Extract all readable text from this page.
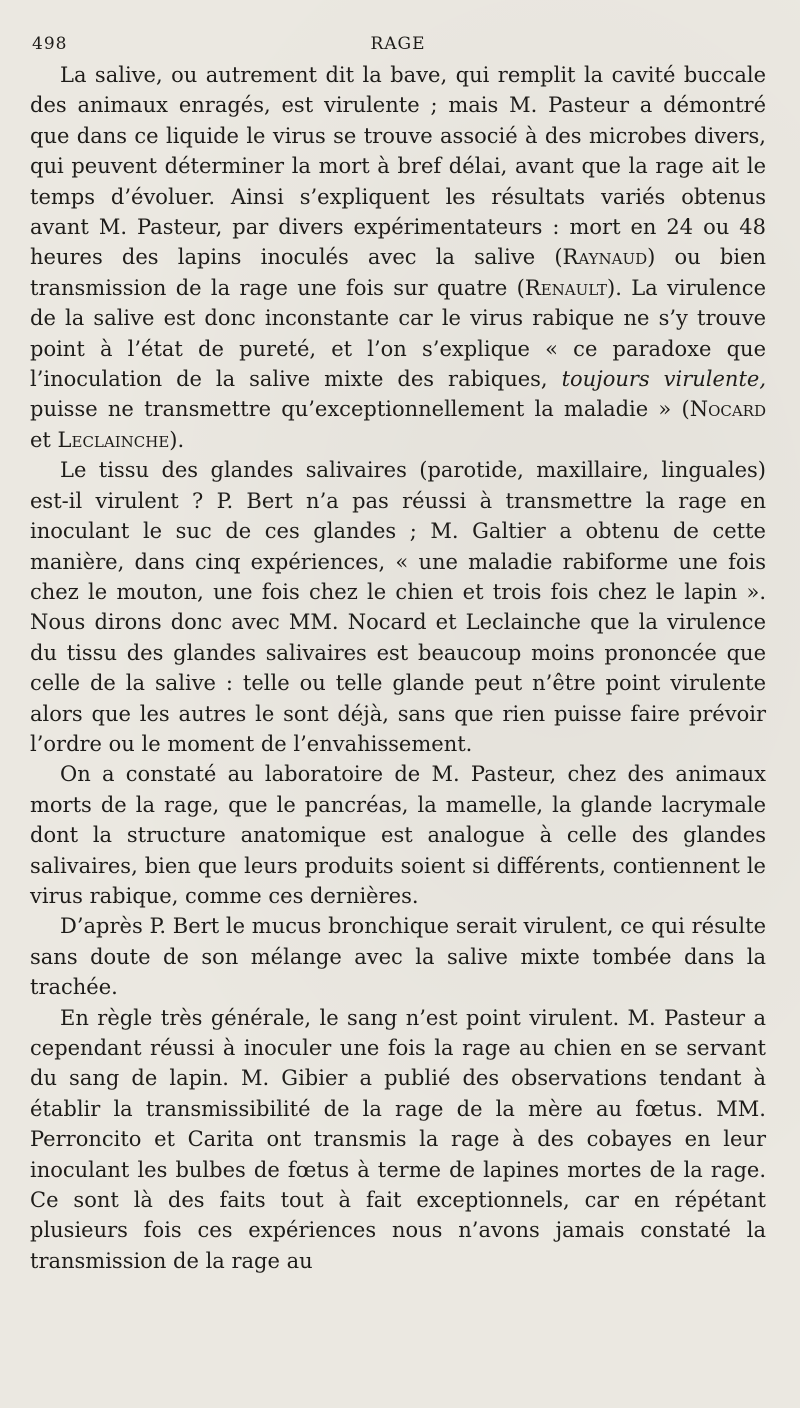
498	RAGE

La salive, ou autrement dit la bave, qui remplit la cavité buccale des animaux enragés, est virulente ; mais M. Pasteur a démontré que dans ce liquide le virus se trouve associé à des microbes divers, qui peuvent déterminer la mort à bref délai, avant que la rage ait le temps d’évoluer. Ainsi s’expliquent les résultats variés obtenus avant M. Pasteur, par divers expérimentateurs : mort en 24 ou 48 heures des lapins inoculés avec la salive (Raynaud) ou bien transmission de la rage une fois sur quatre (Renault). La virulence de la salive est donc inconstante car le virus rabique ne s’y trouve point à l’état de pureté, et l’on s’explique « ce paradoxe que l’inoculation de la salive mixte des rabiques, toujours virulente, puisse ne transmettre qu’exceptionnellement la maladie » (Nocard et Leclainche).

Le tissu des glandes salivaires (parotide, maxillaire, linguales) est-il virulent ? P. Bert n’a pas réussi à transmettre la rage en inoculant le suc de ces glandes ; M. Galtier a obtenu de cette manière, dans cinq expériences, « une maladie rabiforme une fois chez le mouton, une fois chez le chien et trois fois chez le lapin ». Nous dirons donc avec MM. Nocard et Leclainche que la virulence du tissu des glandes salivaires est beaucoup moins prononcée que celle de la salive : telle ou telle glande peut n’être point virulente alors que les autres le sont déjà, sans que rien puisse faire prévoir l’ordre ou le moment de l’envahissement.

On a constaté au laboratoire de M. Pasteur, chez des animaux morts de la rage, que le pancréas, la mamelle, la glande lacrymale dont la structure anatomique est analogue à celle des glandes salivaires, bien que leurs produits soient si différents, contiennent le virus rabique, comme ces dernières.

D’après P. Bert le mucus bronchique serait virulent, ce qui résulte sans doute de son mélange avec la salive mixte tombée dans la trachée.

En règle très générale, le sang n’est point virulent. M. Pasteur a cependant réussi à inoculer une fois la rage au chien en se servant du sang de lapin. M. Gibier a publié des observations tendant à établir la transmissibilité de la rage de la mère au fœtus. MM. Perroncito et Carita ont transmis la rage à des cobayes en leur inoculant les bulbes de fœtus à terme de lapines mortes de la rage. Ce sont là des faits tout à fait exceptionnels, car en répétant plusieurs fois ces expériences nous n’avons jamais constaté la transmission de la rage au
